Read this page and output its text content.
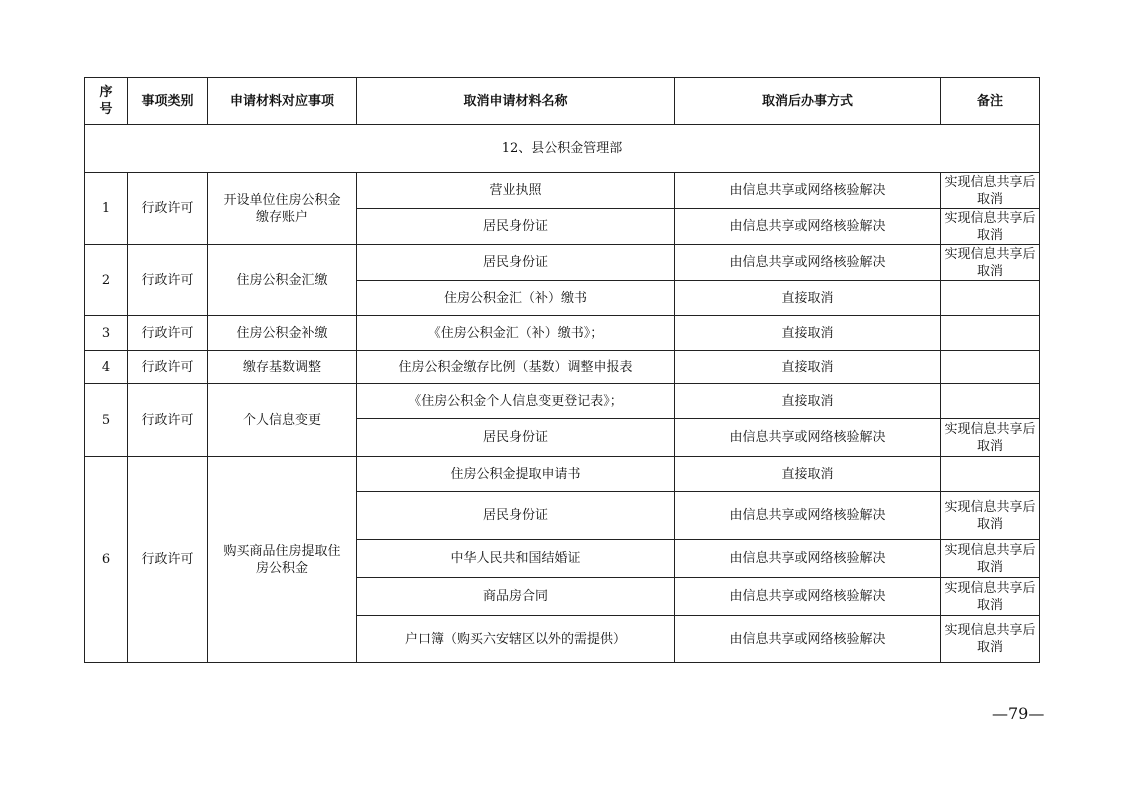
序号	事项类别	申请材料对应事项	取消申请材料名称	取消后办事方式	备注
12、县公积金管理部					
1	行政许可	开设单位住房公积金缴存账户	营业执照	由信息共享或网络核验解决	实现信息共享后取消
			居民身份证	由信息共享或网络核验解决	实现信息共享后取消
2	行政许可	住房公积金汇缴	居民身份证	由信息共享或网络核验解决	实现信息共享后取消
			住房公积金汇（补）缴书	直接取消	
3	行政许可	住房公积金补缴	《住房公积金汇（补）缴书》；	直接取消	
4	行政许可	缴存基数调整	住房公积金缴存比例（基数）调整申报表	直接取消	
5	行政许可	个人信息变更	《住房公积金个人信息变更登记表》；	直接取消	
			居民身份证	由信息共享或网络核验解决	实现信息共享后取消
6	行政许可	购买商品住房提取住房公积金	住房公积金提取申请书	直接取消	
			居民身份证	由信息共享或网络核验解决	实现信息共享后取消
			中华人民共和国结婚证	由信息共享或网络核验解决	实现信息共享后取消
			商品房合同	由信息共享或网络核验解决	实现信息共享后取消
			户口簿（购买六安辖区以外的需提供）	由信息共享或网络核验解决	实现信息共享后取消
—79—
